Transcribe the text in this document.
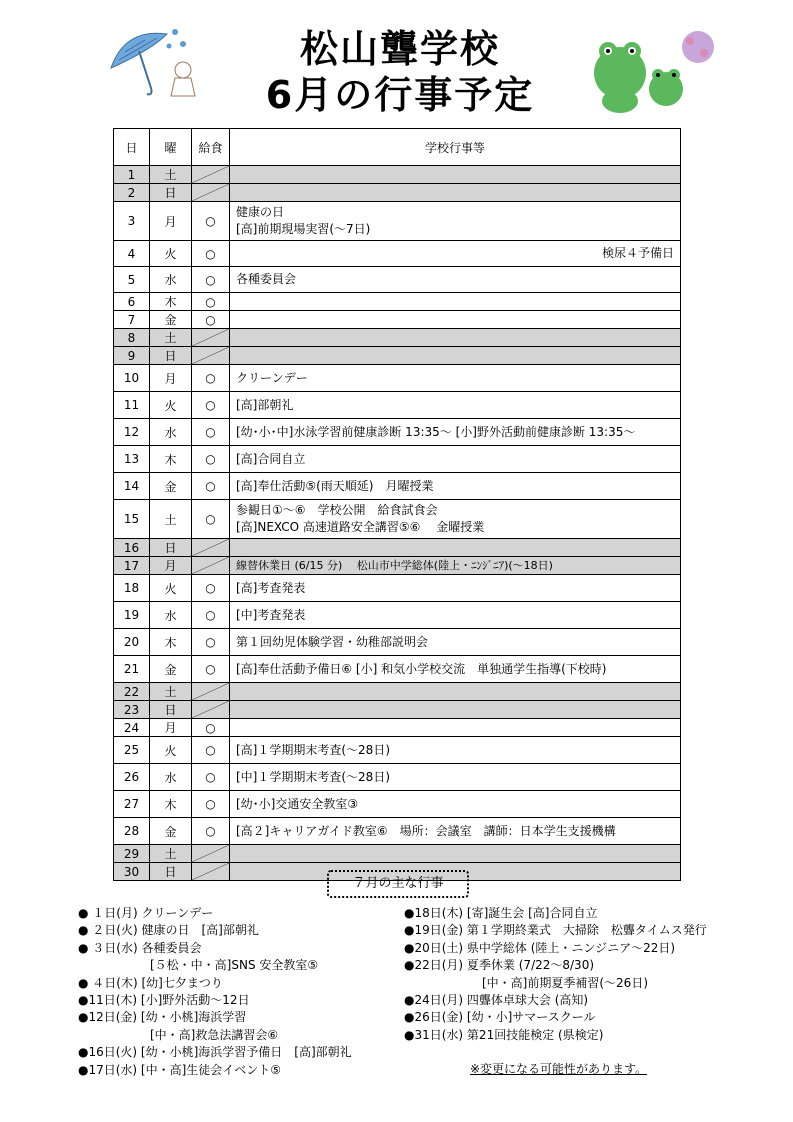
松山聾学校
6月の行事予定
日	曜	給食	学校行事等
1	土	

2	日	

3	月	○	健康の日
[高]前期現場実習(～7日)

4	火	○	検尿４予備日

5	水	○	各種委員会

6	木	○	
7	金	○	
8	土	

9	日	

10	月	○	クリーンデー

11	火	○	[高]部朝礼

12	水	○	[幼･小･中]水泳学習前健康診断 13:35～ [小]野外活動前健康診断 13:35～

13	木	○	[高]合同自立

14	金	○	[高]奉仕活動⑤(雨天順延)　月曜授業

15	土	○	参観日①～⑥　学校公開　給食試食会
[高]NEXCO 高速道路安全講習⑤⑥　 金曜授業

16	日	

17	月		線替休業日 (6/15 分)　 松山市中学総体(陸上・ﾆﾝｼﾞﾆｱ)(～18日)

18	火	○	[高]考査発表

19	水	○	[中]考査発表

20	木	○	第１回幼児体験学習・幼稚部説明会

21	金	○	[高]奉仕活動予備日⑥ [小] 和気小学校交流　単独通学生指導(下校時)

22	土	

23	日	

24	月	○	
25	火	○	[高]１学期期末考査(～28日)

26	水	○	[中]１学期期末考査(～28日)

27	木	○	[幼･小]交通安全教室③

28	金	○	[高２]キャリアガイド教室⑥　場所：会議室　講師：日本学生支援機構

29	土	

30	日	

７月の主な行事
● １日(月) クリーンデー
● ２日(火) 健康の日　[高]部朝礼
● ３日(水) 各種委員会
[５松・中・高]SNS 安全教室⑤
● ４日(木) [幼]七夕まつり
●11日(木) [小]野外活動～12日
●12日(金) [幼・小桃]海浜学習
[中・高]救急法講習会⑥
●16日(火) [幼・小桃]海浜学習予備日　[高]部朝礼
●17日(水) [中・高]生徒会イベント⑤
●18日(木) [寄]誕生会 [高]合同自立
●19日(金) 第１学期終業式　大掃除　松聾タイムス発行
●20日(土) 県中学総体 (陸上・ニンジニア～22日)
●22日(月) 夏季休業 (7/22～8/30)
[中・高]前期夏季補習(～26日)
●24日(月) 四聾体卓球大会 (高知)
●26日(金) [幼・小]サマースクール
●31日(水) 第21回技能検定 (県検定)
※変更になる可能性があります。
